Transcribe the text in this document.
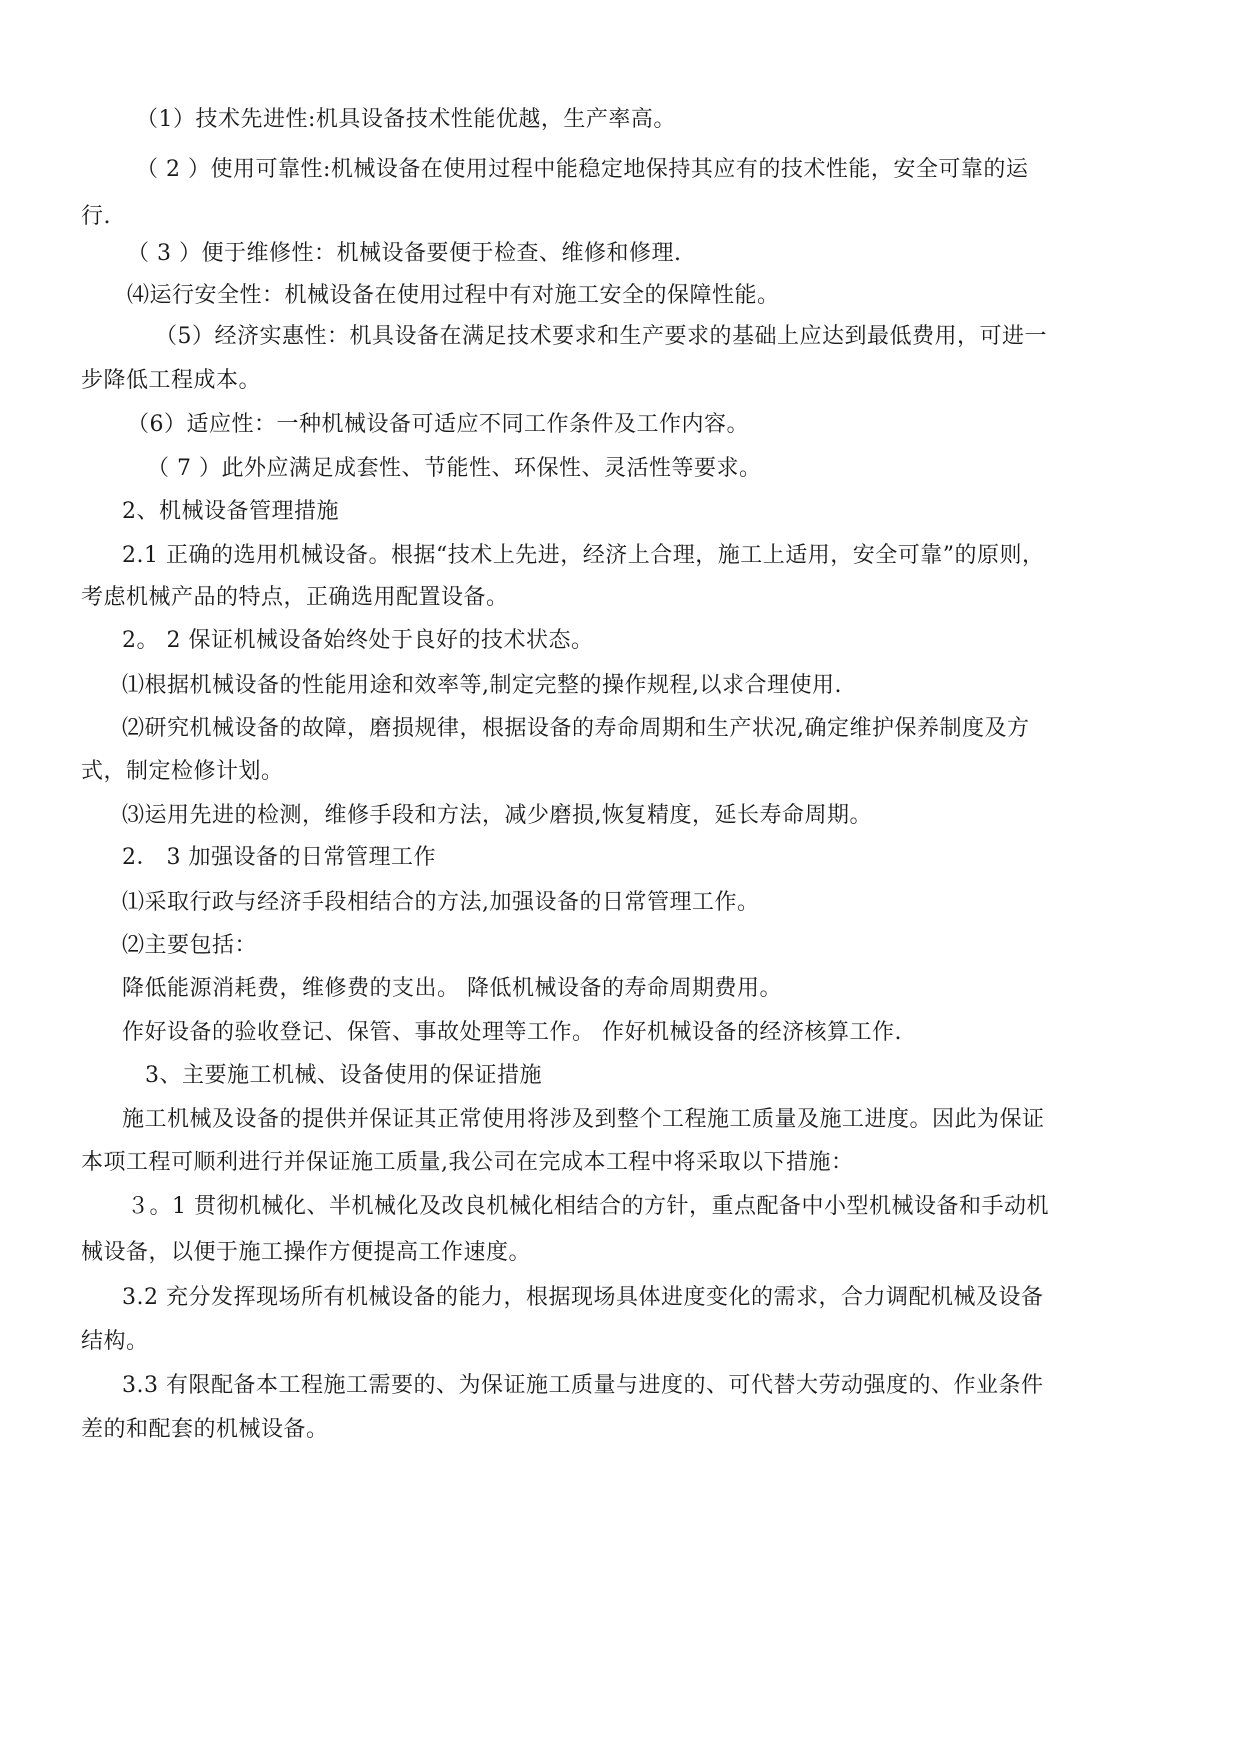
（1）技术先进性:机具设备技术性能优越，生产率高。
（ 2 ）使用可靠性:机械设备在使用过程中能稳定地保持其应有的技术性能，安全可靠的运
行.
（ 3 ）便于维修性：机械设备要便于检查、维修和修理.
⑷运行安全性：机械设备在使用过程中有对施工安全的保障性能。
（5）经济实惠性：机具设备在满足技术要求和生产要求的基础上应达到最低费用，可进一
步降低工程成本。
（6）适应性：一种机械设备可适应不同工作条件及工作内容。
（ 7 ）此外应满足成套性、节能性、环保性、灵活性等要求。
2、机械设备管理措施
2.1 正确的选用机械设备。根据“技术上先进，经济上合理，施工上适用，安全可靠”的原则，
考虑机械产品的特点，正确选用配置设备。
2。 2 保证机械设备始终处于良好的技术状态。
⑴根据机械设备的性能用途和效率等,制定完整的操作规程,以求合理使用.
⑵研究机械设备的故障，磨损规律，根据设备的寿命周期和生产状况,确定维护保养制度及方
式，制定检修计划。
⑶运用先进的检测，维修手段和方法，减少磨损,恢复精度，延长寿命周期。
2． 3 加强设备的日常管理工作
⑴采取行政与经济手段相结合的方法,加强设备的日常管理工作。
⑵主要包括：
降低能源消耗费，维修费的支出。 降低机械设备的寿命周期费用。
作好设备的验收登记、保管、事故处理等工作。 作好机械设备的经济核算工作.
3、主要施工机械、设备使用的保证措施
施工机械及设备的提供并保证其正常使用将涉及到整个工程施工质量及施工进度。因此为保证
本项工程可顺利进行并保证施工质量,我公司在完成本工程中将采取以下措施：
３。1 贯彻机械化、半机械化及改良机械化相结合的方针，重点配备中小型机械设备和手动机
械设备，以便于施工操作方便提高工作速度。
3.2 充分发挥现场所有机械设备的能力，根据现场具体进度变化的需求，合力调配机械及设备
结构。
3.3 有限配备本工程施工需要的、为保证施工质量与进度的、可代替大劳动强度的、作业条件
差的和配套的机械设备。
